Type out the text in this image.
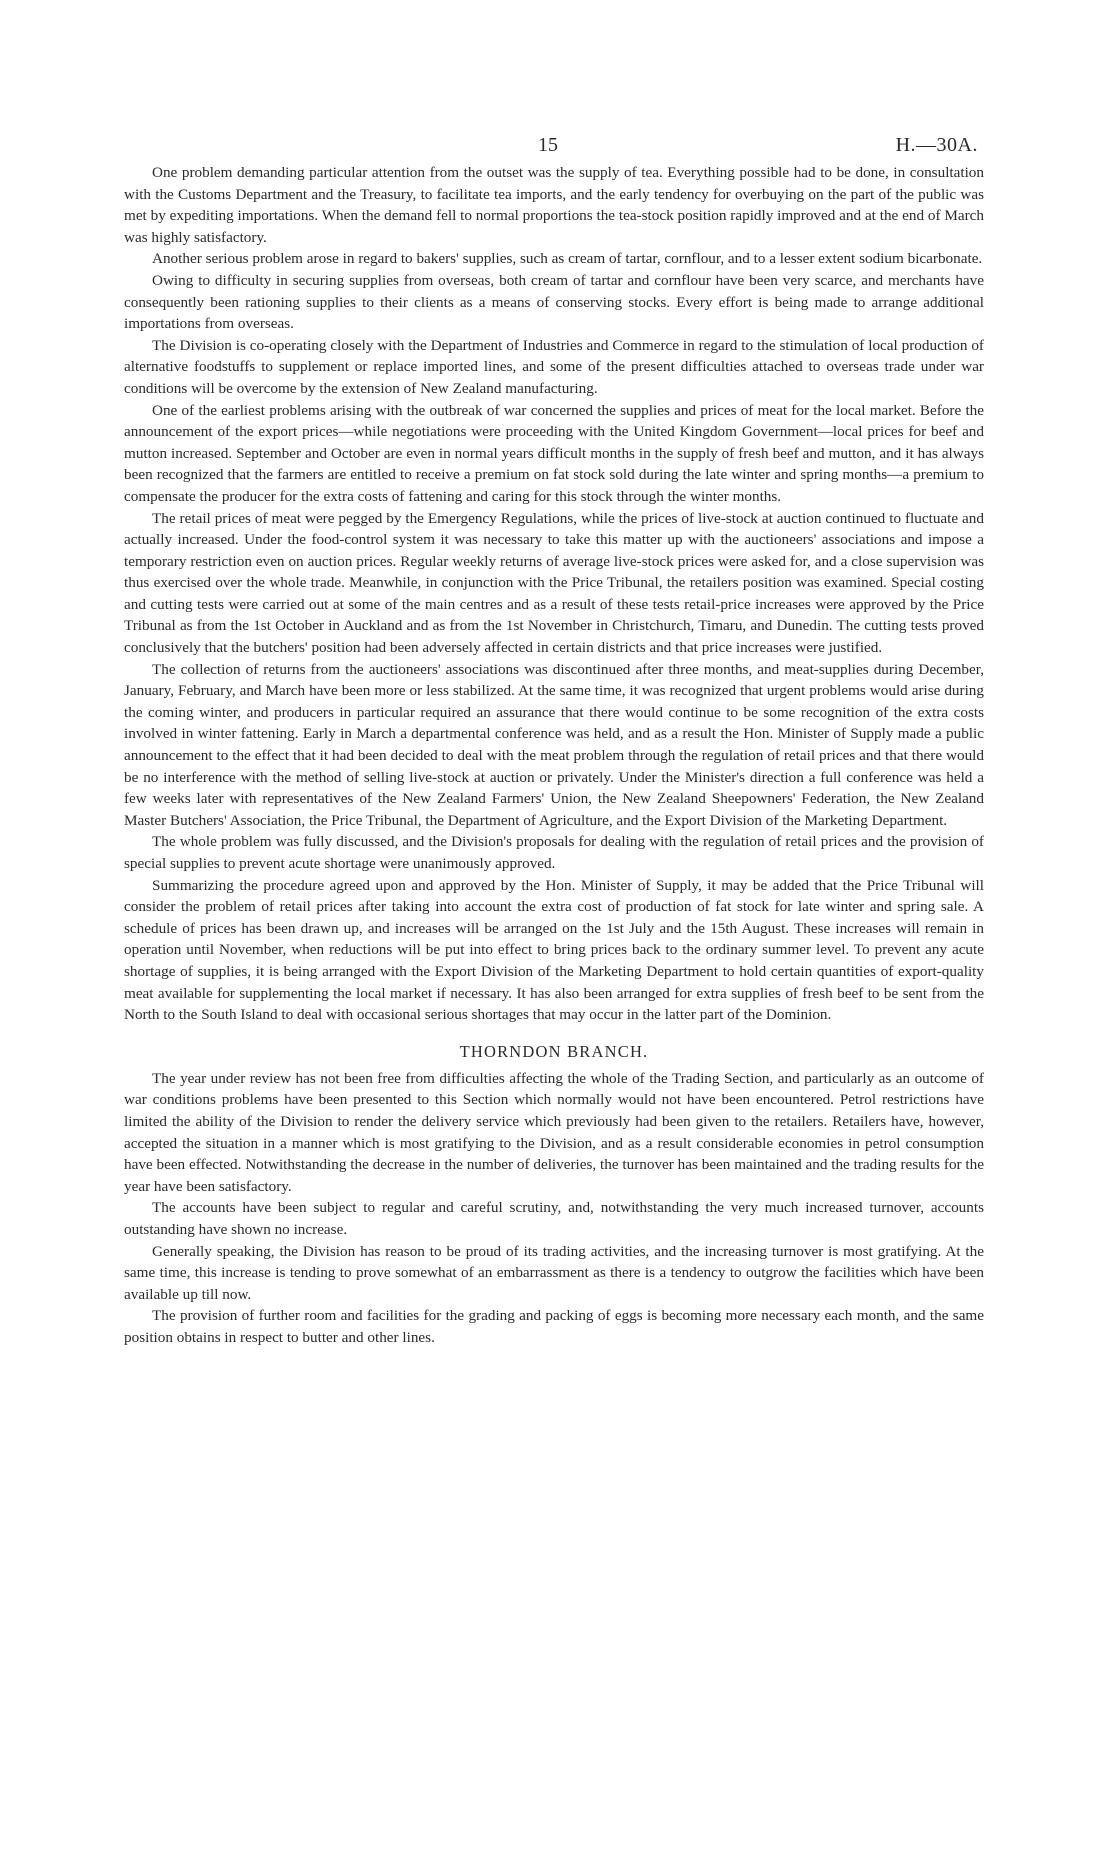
15	H.—30A.

One problem demanding particular attention from the outset was the supply of tea. Everything possible had to be done, in consultation with the Customs Department and the Treasury, to facilitate tea imports, and the early tendency for overbuying on the part of the public was met by expediting importations. When the demand fell to normal proportions the tea-stock position rapidly improved and at the end of March was highly satisfactory.

Another serious problem arose in regard to bakers' supplies, such as cream of tartar, cornflour, and to a lesser extent sodium bicarbonate.

Owing to difficulty in securing supplies from overseas, both cream of tartar and cornflour have been very scarce, and merchants have consequently been rationing supplies to their clients as a means of conserving stocks. Every effort is being made to arrange additional importations from overseas.

The Division is co-operating closely with the Department of Industries and Commerce in regard to the stimulation of local production of alternative foodstuffs to supplement or replace imported lines, and some of the present difficulties attached to overseas trade under war conditions will be overcome by the extension of New Zealand manufacturing.

One of the earliest problems arising with the outbreak of war concerned the supplies and prices of meat for the local market. Before the announcement of the export prices—while negotiations were proceeding with the United Kingdom Government—local prices for beef and mutton increased. September and October are even in normal years difficult months in the supply of fresh beef and mutton, and it has always been recognized that the farmers are entitled to receive a premium on fat stock sold during the late winter and spring months—a premium to compensate the producer for the extra costs of fattening and caring for this stock through the winter months.

The retail prices of meat were pegged by the Emergency Regulations, while the prices of live-stock at auction continued to fluctuate and actually increased. Under the food-control system it was necessary to take this matter up with the auctioneers' associations and impose a temporary restriction even on auction prices. Regular weekly returns of average live-stock prices were asked for, and a close supervision was thus exercised over the whole trade. Meanwhile, in conjunction with the Price Tribunal, the retailers position was examined. Special costing and cutting tests were carried out at some of the main centres and as a result of these tests retail-price increases were approved by the Price Tribunal as from the 1st October in Auckland and as from the 1st November in Christchurch, Timaru, and Dunedin. The cutting tests proved conclusively that the butchers' position had been adversely affected in certain districts and that price increases were justified.

The collection of returns from the auctioneers' associations was discontinued after three months, and meat-supplies during December, January, February, and March have been more or less stabilized. At the same time, it was recognized that urgent problems would arise during the coming winter, and producers in particular required an assurance that there would continue to be some recognition of the extra costs involved in winter fattening. Early in March a departmental conference was held, and as a result the Hon. Minister of Supply made a public announcement to the effect that it had been decided to deal with the meat problem through the regulation of retail prices and that there would be no interference with the method of selling live-stock at auction or privately. Under the Minister's direction a full conference was held a few weeks later with representatives of the New Zealand Farmers' Union, the New Zealand Sheepowners' Federation, the New Zealand Master Butchers' Association, the Price Tribunal, the Department of Agriculture, and the Export Division of the Marketing Department.

The whole problem was fully discussed, and the Division's proposals for dealing with the regulation of retail prices and the provision of special supplies to prevent acute shortage were unanimously approved.

Summarizing the procedure agreed upon and approved by the Hon. Minister of Supply, it may be added that the Price Tribunal will consider the problem of retail prices after taking into account the extra cost of production of fat stock for late winter and spring sale. A schedule of prices has been drawn up, and increases will be arranged on the 1st July and the 15th August. These increases will remain in operation until November, when reductions will be put into effect to bring prices back to the ordinary summer level. To prevent any acute shortage of supplies, it is being arranged with the Export Division of the Marketing Department to hold certain quantities of export-quality meat available for supplementing the local market if necessary. It has also been arranged for extra supplies of fresh beef to be sent from the North to the South Island to deal with occasional serious shortages that may occur in the latter part of the Dominion.

THORNDON BRANCH.

The year under review has not been free from difficulties affecting the whole of the Trading Section, and particularly as an outcome of war conditions problems have been presented to this Section which normally would not have been encountered. Petrol restrictions have limited the ability of the Division to render the delivery service which previously had been given to the retailers. Retailers have, however, accepted the situation in a manner which is most gratifying to the Division, and as a result considerable economies in petrol consumption have been effected. Notwithstanding the decrease in the number of deliveries, the turnover has been maintained and the trading results for the year have been satisfactory.

The accounts have been subject to regular and careful scrutiny, and, notwithstanding the very much increased turnover, accounts outstanding have shown no increase.

Generally speaking, the Division has reason to be proud of its trading activities, and the increasing turnover is most gratifying. At the same time, this increase is tending to prove somewhat of an embarrassment as there is a tendency to outgrow the facilities which have been available up till now.

The provision of further room and facilities for the grading and packing of eggs is becoming more necessary each month, and the same position obtains in respect to butter and other lines.
